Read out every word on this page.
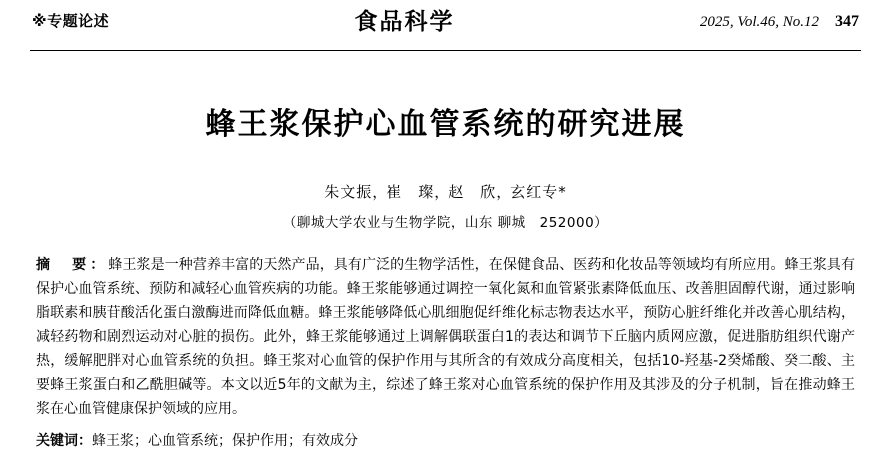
※专题论述	食品科学	2025, Vol.46, No.12 347
蜂王浆保护心血管系统的研究进展
朱文振，崔　璨，赵　欣，玄红专*
（聊城大学农业与生物学院，山东 聊城　252000）
摘　要：蜂王浆是一种营养丰富的天然产品，具有广泛的生物学活性，在保健食品、医药和化妆品等领域均有所应用。蜂王浆具有保护心血管系统、预防和减轻心血管疾病的功能。蜂王浆能够通过调控一氧化氮和血管紧张素降低血压、改善胆固醇代谢，通过影响脂联素和胰苷酸活化蛋白激酶进而降低血糖。蜂王浆能够降低心肌细胞促纤维化标志物表达水平，预防心脏纤维化并改善心肌结构，减轻药物和剧烈运动对心脏的损伤。此外，蜂王浆能够通过上调解偶联蛋白1的表达和调节下丘脑内质网应激，促进脂肪组织代谢产热，缓解肥胖对心血管系统的负担。蜂王浆对心血管的保护作用与其所含的有效成分高度相关，包括10-羟基-2癸烯酸、癸二酸、主要蜂王浆蛋白和乙酰胆碱等。本文以近5年的文献为主，综述了蜂王浆对心血管系统的保护作用及其涉及的分子机制，旨在推动蜂王浆在心血管健康保护领域的应用。
关键词：蜂王浆；心血管系统；保护作用；有效成分
